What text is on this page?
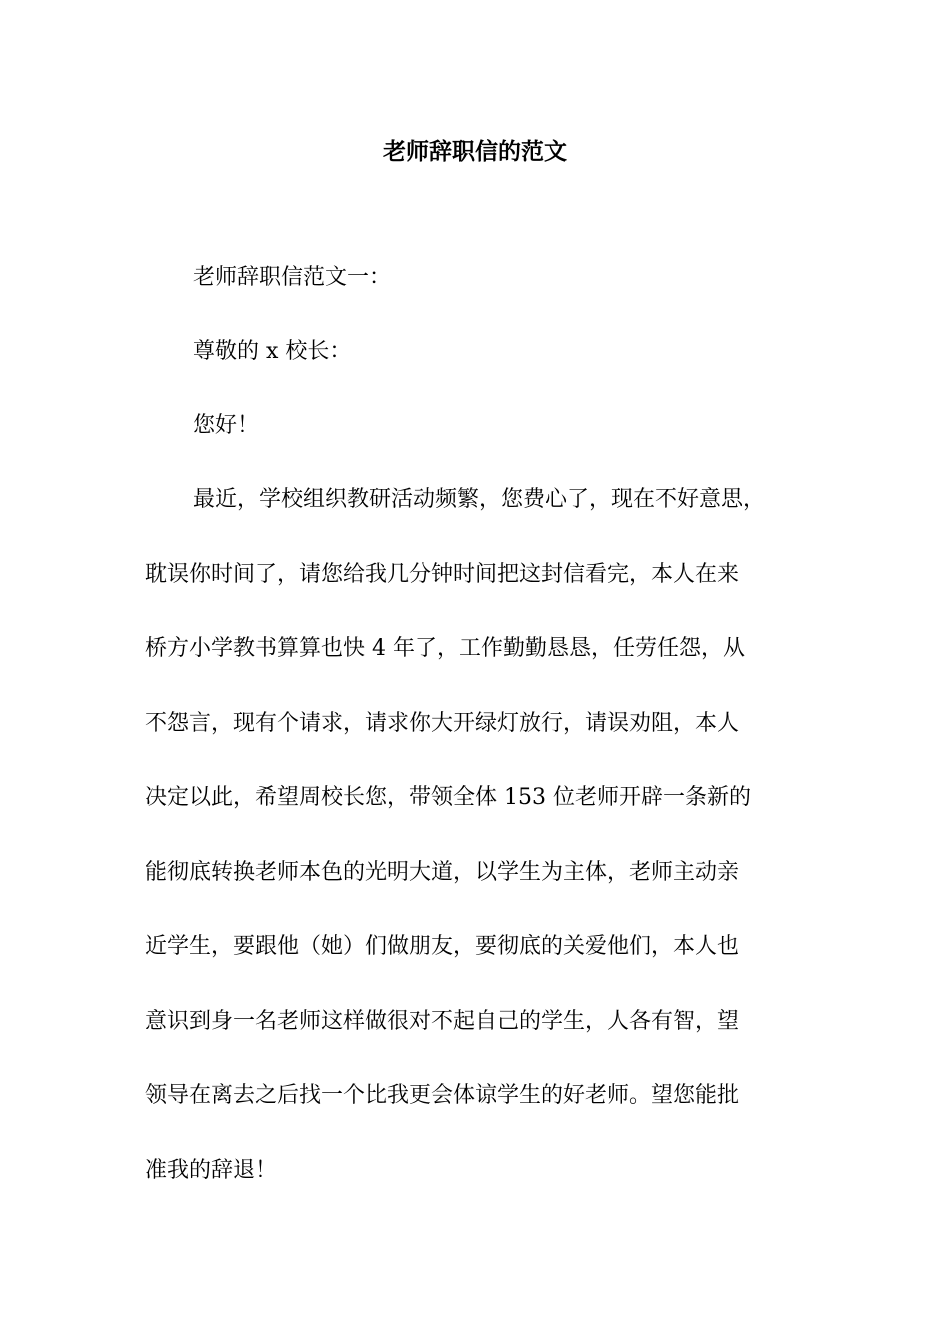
老师辞职信的范文
老师辞职信范文一：
尊敬的 x 校长：
您好！
最近，学校组织教研活动频繁，您费心了，现在不好意思，
耽误你时间了，请您给我几分钟时间把这封信看完，本人在来
桥方小学教书算算也快 4 年了，工作勤勤恳恳，任劳任怨，从
不怨言，现有个请求，请求你大开绿灯放行，请误劝阻，本人
决定以此，希望周校长您，带领全体 153 位老师开辟一条新的
能彻底转换老师本色的光明大道，以学生为主体，老师主动亲
近学生，要跟他（她）们做朋友，要彻底的关爱他们，本人也
意识到身一名老师这样做很对不起自己的学生，人各有智，望
领导在离去之后找一个比我更会体谅学生的好老师。望您能批
准我的辞退！
